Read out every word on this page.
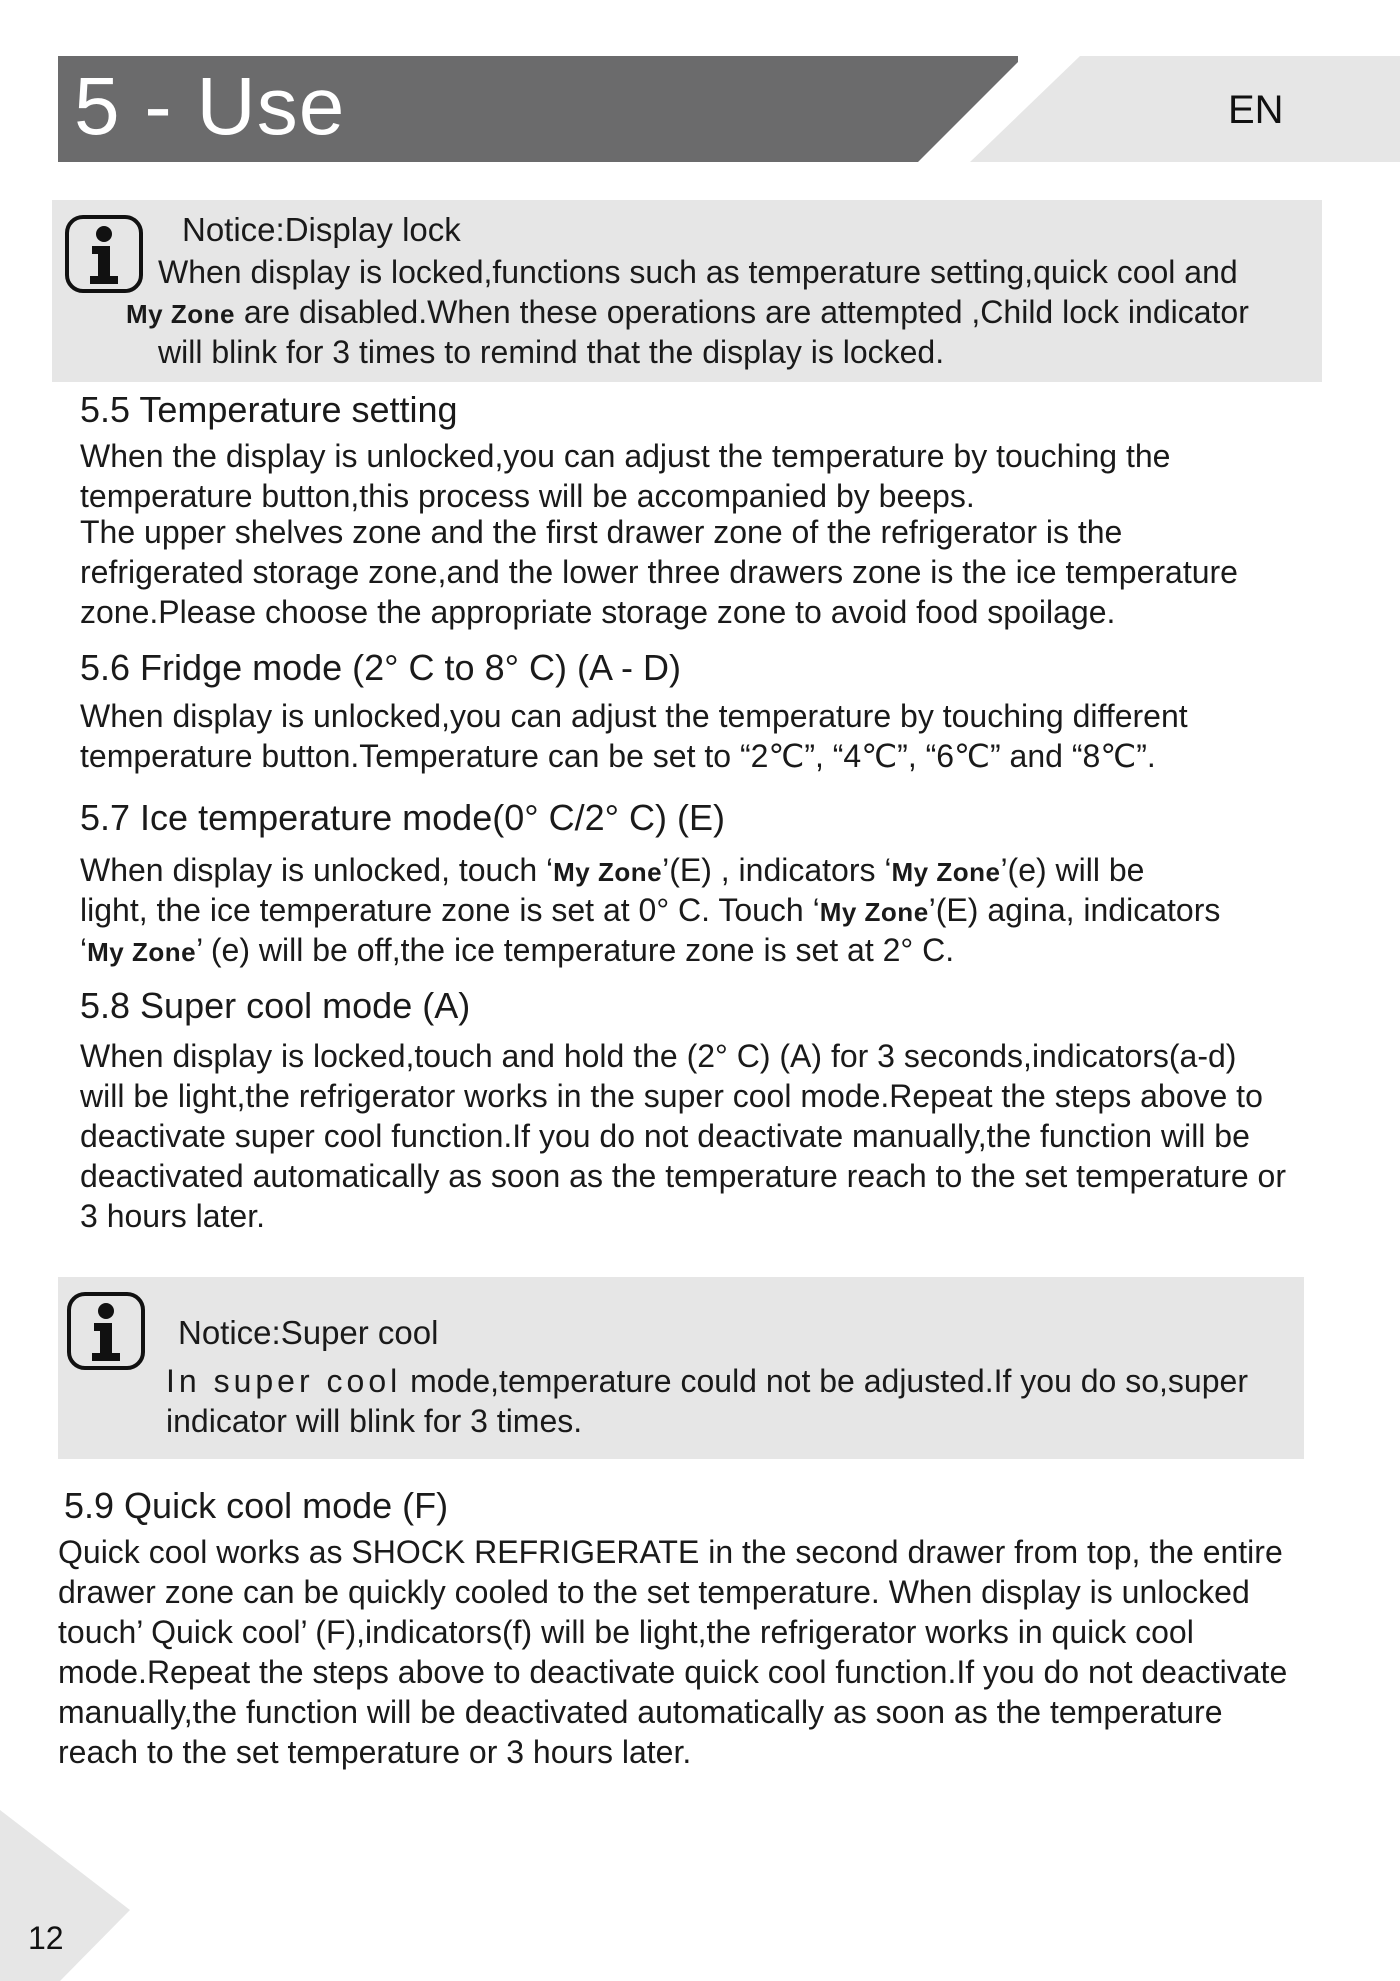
5 - Use	EN

Notice:Display lock

When display is locked,functions such as temperature setting,quick cool and

My Zone are disabled.When these operations are attempted ,Child lock indicator

will blink for 3 times to remind that the display is locked.

5.5 Temperature setting

When the display is unlocked,you can adjust the temperature by touching the

temperature button,this process will be accompanied by beeps.

The upper shelves zone and the first drawer zone of the refrigerator is the

refrigerated storage zone,and the lower three drawers zone is the ice temperature

zone.Please choose the appropriate storage zone to avoid food spoilage.

5.6 Fridge mode (2° C to 8° C) (A - D)

When display is unlocked,you can adjust the temperature by touching different

temperature button.Temperature can be set to “2℃”, “4℃”, “6℃” and “8℃”.

5.7 Ice temperature mode(0° C/2° C) (E)

When display is unlocked, touch ‘My Zone’(E) , indicators ‘My Zone’(e) will be

light, the ice temperature zone is set at 0° C. Touch ‘My Zone’(E) agina, indicators

‘My Zone’ (e) will be off,the ice temperature zone is set at 2° C.

5.8 Super cool mode (A)

When display is locked,touch and hold the (2° C) (A) for 3 seconds,indicators(a-d)

will be light,the refrigerator works in the super cool mode.Repeat the steps above to

deactivate super cool function.If you do not deactivate manually,the function will be

deactivated automatically as soon as the temperature reach to the set temperature or

3 hours later.

Notice:Super cool

In super cool mode,temperature could not be adjusted.If you do so,super

indicator will blink for 3 times.

5.9 Quick cool mode (F)

Quick cool works as SHOCK REFRIGERATE in the second drawer from top, the entire

drawer zone can be quickly cooled to the set temperature. When display is unlocked

touch’ Quick cool’ (F),indicators(f) will be light,the refrigerator works in quick cool

mode.Repeat the steps above to deactivate quick cool function.If you do not deactivate

manually,the function will be deactivated automatically as soon as the temperature

reach to the set temperature or 3 hours later.

12
